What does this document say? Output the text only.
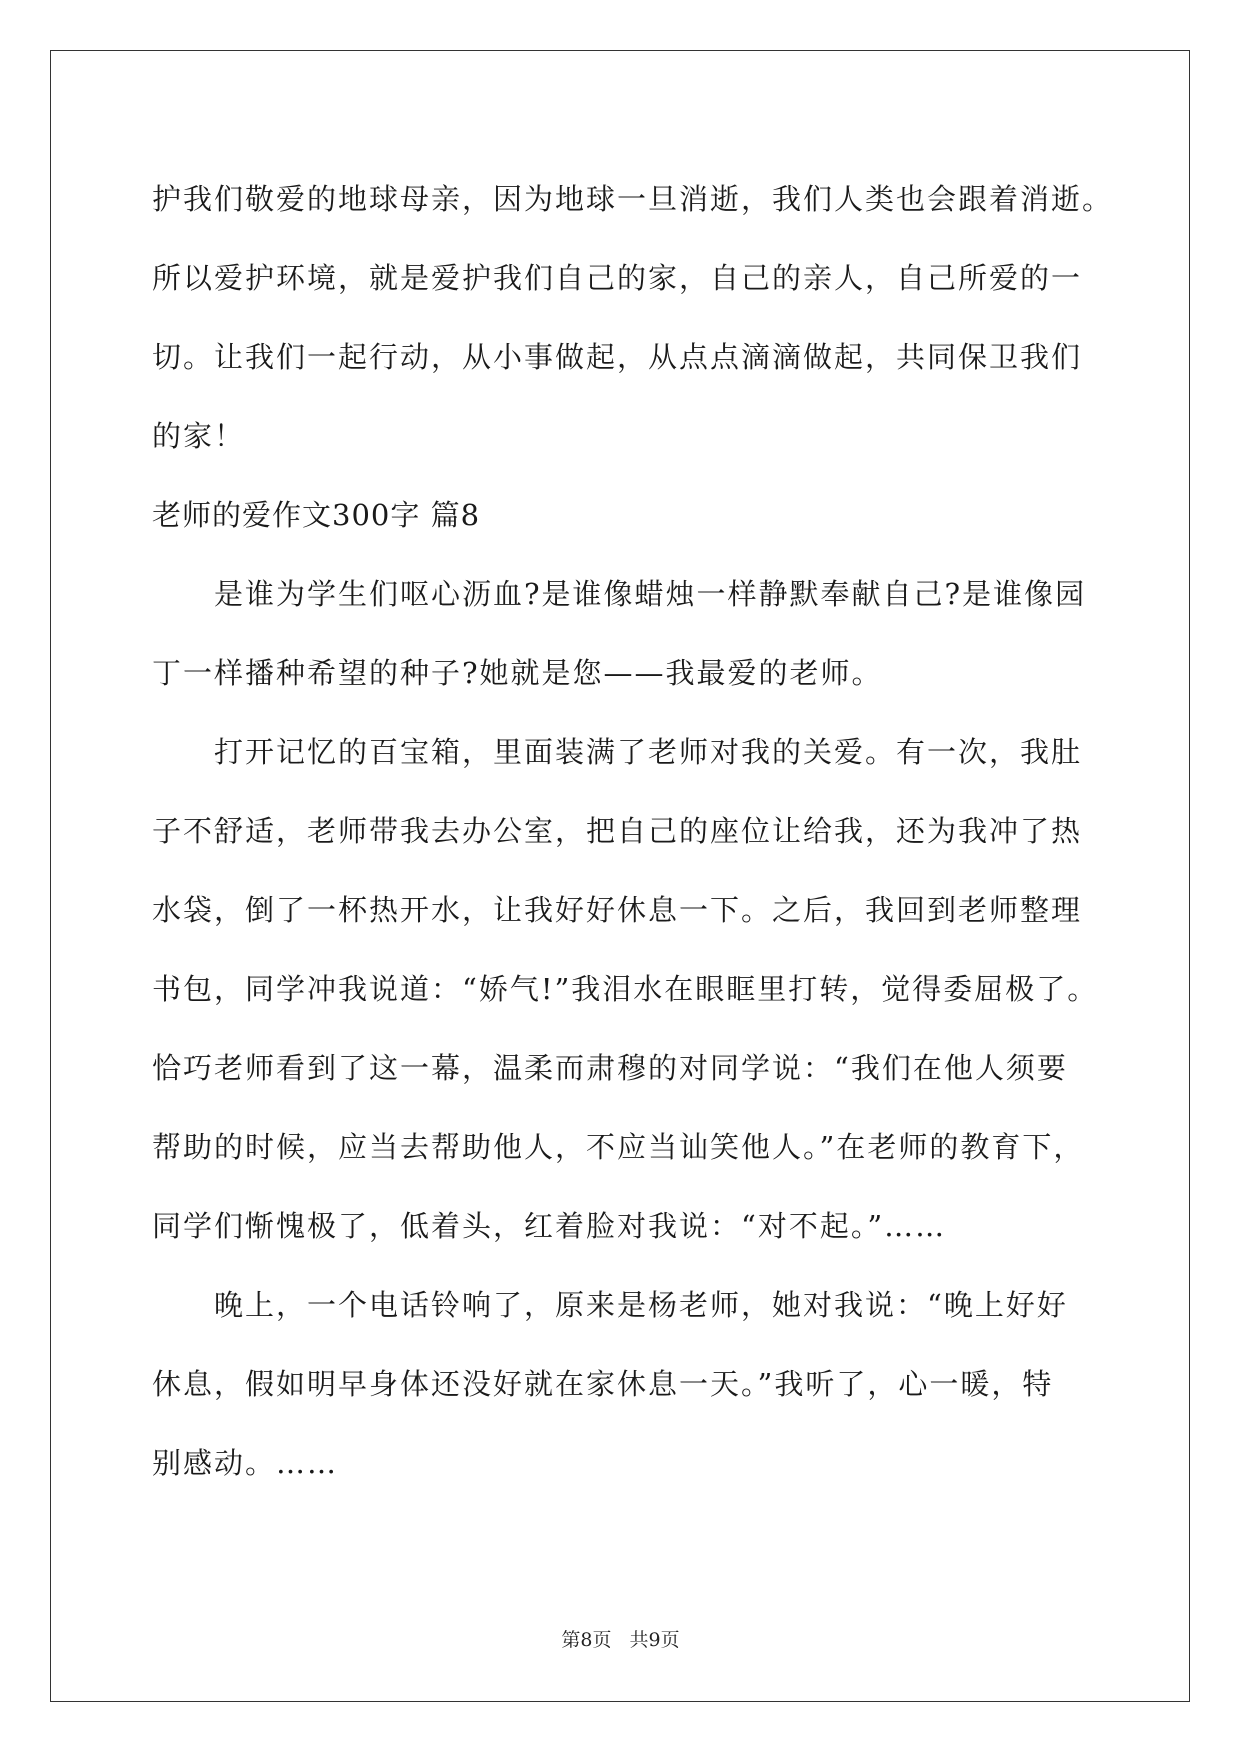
护我们敬爱的地球母亲，因为地球一旦消逝，我们人类也会跟着消逝。
所以爱护环境，就是爱护我们自己的家，自己的亲人，自己所爱的一
切。让我们一起行动，从小事做起，从点点滴滴做起，共同保卫我们
的家！
老师的爱作文300字 篇8
是谁为学生们呕心沥血?是谁像蜡烛一样静默奉献自己?是谁像园
丁一样播种希望的种子?她就是您——我最爱的老师。
打开记忆的百宝箱，里面装满了老师对我的关爱。有一次，我肚
子不舒适，老师带我去办公室，把自己的座位让给我，还为我冲了热
水袋，倒了一杯热开水，让我好好休息一下。之后，我回到老师整理
书包，同学冲我说道：“娇气!”我泪水在眼眶里打转，觉得委屈极了。
恰巧老师看到了这一幕，温柔而肃穆的对同学说：“我们在他人须要
帮助的时候，应当去帮助他人，不应当讪笑他人。”在老师的教育下，
同学们惭愧极了，低着头，红着脸对我说：“对不起。”……
晚上，一个电话铃响了，原来是杨老师，她对我说：“晚上好好
休息，假如明早身体还没好就在家休息一天。”我听了，心一暖，特
别感动。……
第8页 共9页
